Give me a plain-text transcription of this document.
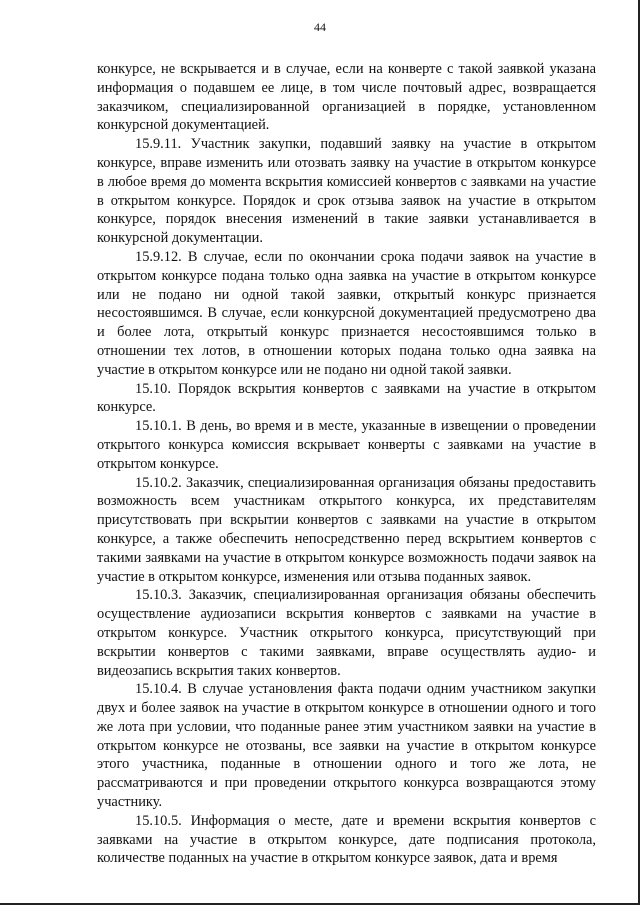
44

конкурсе, не вскрывается и в случае, если на конверте с такой заявкой указана информация о подавшем ее лице, в том числе почтовый адрес, возвращается заказчиком, специализированной организацией в порядке, установленном конкурсной документацией.

15.9.11. Участник закупки, подавший заявку на участие в открытом конкурсе, вправе изменить или отозвать заявку на участие в открытом конкурсе в любое время до момента вскрытия комиссией конвертов с заявками на участие в открытом конкурсе. Порядок и срок отзыва заявок на участие в открытом конкурсе, порядок внесения изменений в такие заявки устанавливается в конкурсной документации.

15.9.12. В случае, если по окончании срока подачи заявок на участие в открытом конкурсе подана только одна заявка на участие в открытом конкурсе или не подано ни одной такой заявки, открытый конкурс признается несостоявшимся. В случае, если конкурсной документацией предусмотрено два и более лота, открытый конкурс признается несостоявшимся только в отношении тех лотов, в отношении которых подана только одна заявка на участие в открытом конкурсе или не подано ни одной такой заявки.

15.10. Порядок вскрытия конвертов с заявками на участие в открытом конкурсе.

15.10.1. В день, во время и в месте, указанные в извещении о проведении открытого конкурса комиссия вскрывает конверты с заявками на участие в открытом конкурсе.

15.10.2. Заказчик, специализированная организация обязаны предоставить возможность всем участникам открытого конкурса, их представителям присутствовать при вскрытии конвертов с заявками на участие в открытом конкурсе, а также обеспечить непосредственно перед вскрытием конвертов с такими заявками на участие в открытом конкурсе возможность подачи заявок на участие в открытом конкурсе, изменения или отзыва поданных заявок.

15.10.3. Заказчик, специализированная организация обязаны обеспечить осуществление аудиозаписи вскрытия конвертов с заявками на участие в открытом конкурсе. Участник открытого конкурса, присутствующий при вскрытии конвертов с такими заявками, вправе осуществлять аудио- и видеозапись вскрытия таких конвертов.

15.10.4. В случае установления факта подачи одним участником закупки двух и более заявок на участие в открытом конкурсе в отношении одного и того же лота при условии, что поданные ранее этим участником заявки на участие в открытом конкурсе не отозваны, все заявки на участие в открытом конкурсе этого участника, поданные в отношении одного и того же лота, не рассматриваются и при проведении открытого конкурса возвращаются этому участнику.

15.10.5. Информация о месте, дате и времени вскрытия конвертов с заявками на участие в открытом конкурсе, дате подписания протокола, количестве поданных на участие в открытом конкурсе заявок, дата и время
